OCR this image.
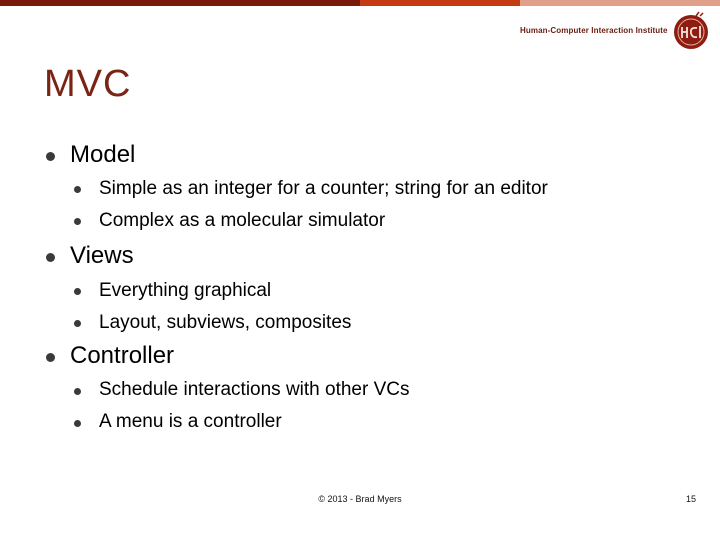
Human-Computer Interaction Institute
MVC
Model
Simple as an integer for a counter; string for an editor
Complex as a molecular simulator
Views
Everything graphical
Layout, subviews, composites
Controller
Schedule interactions with other VCs
A menu is a controller
© 2013 - Brad Myers	15
